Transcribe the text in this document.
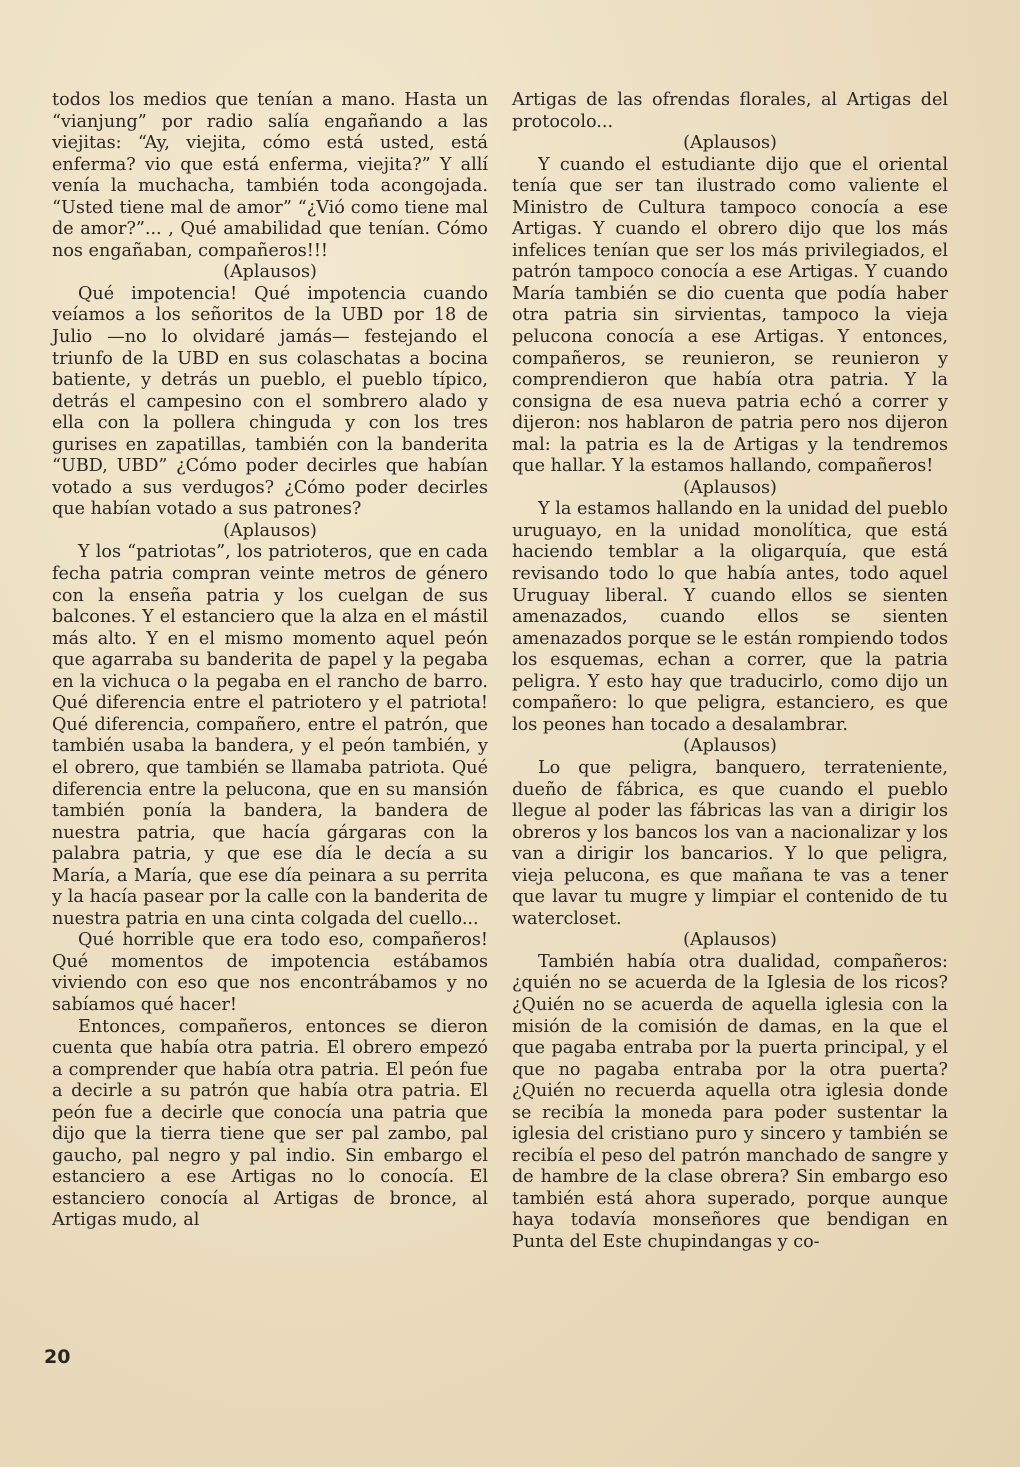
todos los medios que tenían a mano. Hasta un “vianjung” por radio salía engañando a las viejitas: “Ay, viejita, cómo está usted, está enferma? vio que está enferma, viejita?” Y allí venía la muchacha, también toda acongojada. “Usted tiene mal de amor” “¿Vió como tiene mal de amor?”... , Qué amabilidad que tenían. Cómo nos engañaban, compañeros!!!

(Aplausos)

Qué impotencia! Qué impotencia cuando veíamos a los señoritos de la UBD por 18 de Julio —no lo olvidaré jamás— festejando el triunfo de la UBD en sus colaschatas a bocina batiente, y detrás un pueblo, el pueblo típico, detrás el campesino con el sombrero alado y ella con la pollera chinguda y con los tres gurises en zapatillas, también con la banderita “UBD, UBD” ¿Cómo poder decirles que habían votado a sus verdugos? ¿Cómo poder decirles que habían votado a sus patrones?

(Aplausos)

Y los “patriotas”, los patrioteros, que en cada fecha patria compran veinte metros de género con la enseña patria y los cuelgan de sus balcones. Y el estanciero que la alza en el mástil más alto. Y en el mismo momento aquel peón que agarraba su banderita de papel y la pegaba en la vichuca o la pegaba en el rancho de barro. Qué diferencia entre el patriotero y el patriota! Qué diferencia, compañero, entre el patrón, que también usaba la bandera, y el peón también, y el obrero, que también se llamaba patriota. Qué diferencia entre la pelucona, que en su mansión también ponía la bandera, la bandera de nuestra patria, que hacía gárgaras con la palabra patria, y que ese día le decía a su María, a María, que ese día peinara a su perrita y la hacía pasear por la calle con la banderita de nuestra patria en una cinta colgada del cuello...

Qué horrible que era todo eso, compañeros! Qué momentos de impotencia estábamos viviendo con eso que nos encontrábamos y no sabíamos qué hacer!

Entonces, compañeros, entonces se dieron cuenta que había otra patria. El obrero empezó a comprender que había otra patria. El peón fue a decirle a su patrón que había otra patria. El peón fue a decirle que conocía una patria que dijo que la tierra tiene que ser pal zambo, pal gaucho, pal negro y pal indio. Sin embargo el estanciero a ese Artigas no lo conocía. El estanciero conocía al Artigas de bronce, al Artigas mudo, al

Artigas de las ofrendas florales, al Artigas del protocolo...

(Aplausos)

Y cuando el estudiante dijo que el oriental tenía que ser tan ilustrado como valiente el Ministro de Cultura tampoco conocía a ese Artigas. Y cuando el obrero dijo que los más infelices tenían que ser los más privilegiados, el patrón tampoco conocía a ese Artigas. Y cuando María también se dio cuenta que podía haber otra patria sin sirvientas, tampoco la vieja pelucona conocía a ese Artigas. Y entonces, compañeros, se reunieron, se reunieron y comprendieron que había otra patria. Y la consigna de esa nueva patria echó a correr y dijeron: nos hablaron de patria pero nos dijeron mal: la patria es la de Artigas y la tendremos que hallar. Y la estamos hallando, compañeros!

(Aplausos)

Y la estamos hallando en la unidad del pueblo uruguayo, en la unidad monolítica, que está haciendo temblar a la oligarquía, que está revisando todo lo que había antes, todo aquel Uruguay liberal. Y cuando ellos se sienten amenazados, cuando ellos se sienten amenazados porque se le están rompiendo todos los esquemas, echan a correr, que la patria peligra. Y esto hay que traducirlo, como dijo un compañero: lo que peligra, estanciero, es que los peones han tocado a desalambrar.

(Aplausos)

Lo que peligra, banquero, terrateniente, dueño de fábrica, es que cuando el pueblo llegue al poder las fábricas las van a dirigir los obreros y los bancos los van a nacionalizar y los van a dirigir los bancarios. Y lo que peligra, vieja pelucona, es que mañana te vas a tener que lavar tu mugre y limpiar el contenido de tu watercloset.

(Aplausos)

También había otra dualidad, compañeros: ¿quién no se acuerda de la Iglesia de los ricos? ¿Quién no se acuerda de aquella iglesia con la misión de la comisión de damas, en la que el que pagaba entraba por la puerta principal, y el que no pagaba entraba por la otra puerta? ¿Quién no recuerda aquella otra iglesia donde se recibía la moneda para poder sustentar la iglesia del cristiano puro y sincero y también se recibía el peso del patrón manchado de sangre y de hambre de la clase obrera? Sin embargo eso también está ahora superado, porque aunque haya todavía monseñores que bendigan en Punta del Este chupindangas y co-

20
